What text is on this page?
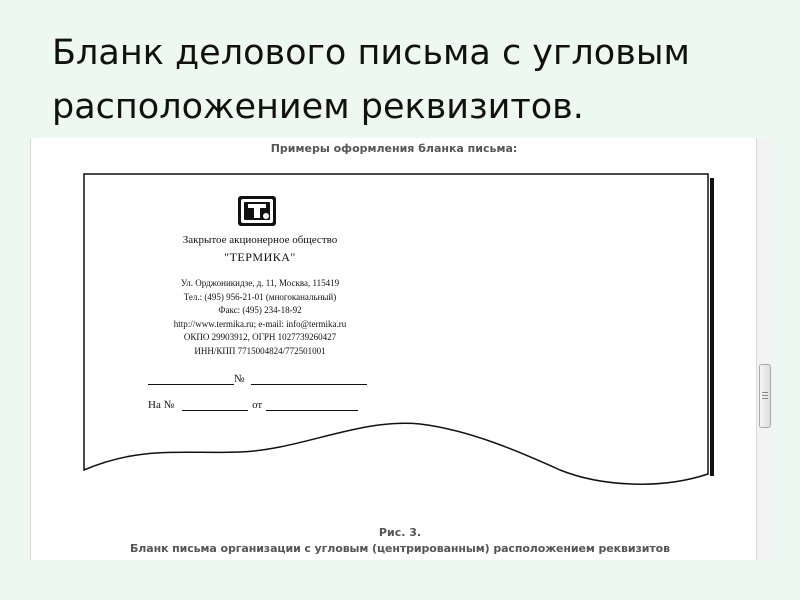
Бланк делового письма с угловым расположением реквизитов.
Примеры оформления бланка письма:
Закрытое акционерное общество
"ТЕРМИКА"
Ул. Орджоникидзе, д. 11, Москва, 115419
Тел.: (495) 956-21-01 (многоканальный)
Факс: (495) 234-18-92
http://www.termika.ru; e-mail: info@termika.ru
ОКПО 29903912, ОГРН 1027739260427
ИНН/КПП 7715004824/772501001
№
На №	от
Рис. 3.
Бланк письма организации с угловым (центрированным) расположением реквизитов
